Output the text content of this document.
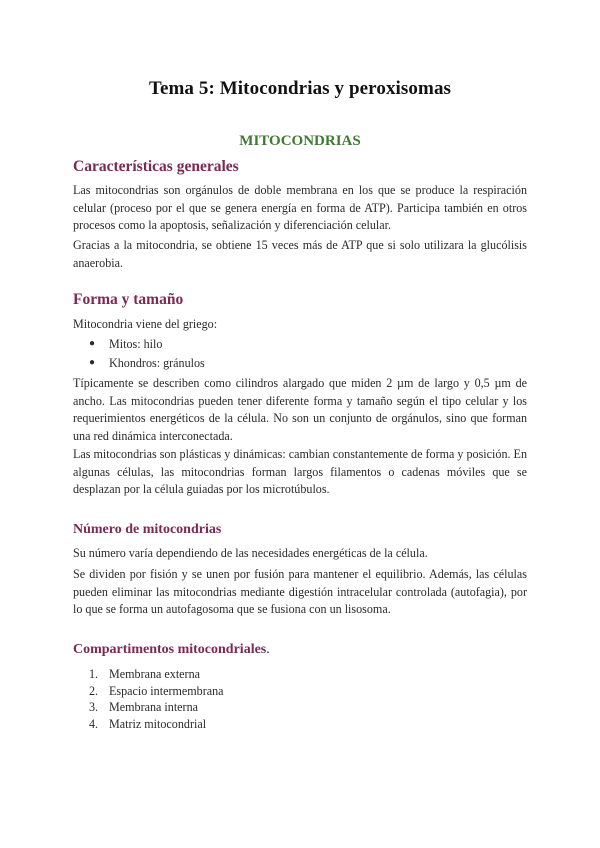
Tema 5: Mitocondrias y peroxisomas
MITOCONDRIAS
Características generales
Las mitocondrias son orgánulos de doble membrana en los que se produce la respiración celular (proceso por el que se genera energía en forma de ATP). Participa también en otros procesos como la apoptosis, señalización y diferenciación celular.
Gracias a la mitocondria, se obtiene 15 veces más de ATP que si solo utilizara la glucólisis anaerobia.
Forma y tamaño
Mitocondria viene del griego:
● Mitos: hilo
● Khondros: gránulos
Típicamente se describen como cilindros alargado que miden 2 µm de largo y 0,5 µm de ancho. Las mitocondrias pueden tener diferente forma y tamaño según el tipo celular y los requerimientos energéticos de la célula. No son un conjunto de orgánulos, sino que forman una red dinámica interconectada.
Las mitocondrias son plásticas y dinámicas: cambian constantemente de forma y posición. En algunas células, las mitocondrias forman largos filamentos o cadenas móviles que se desplazan por la célula guiadas por los microtúbulos.
Número de mitocondrias
Su número varía dependiendo de las necesidades energéticas de la célula.
Se dividen por fisión y se unen por fusión para mantener el equilibrio. Además, las células pueden eliminar las mitocondrias mediante digestión intracelular controlada (autofagia), por lo que se forma un autofagosoma que se fusiona con un lisosoma.
Compartimentos mitocondriales.
1. Membrana externa
2. Espacio intermembrana
3. Membrana interna
4. Matriz mitocondrial
